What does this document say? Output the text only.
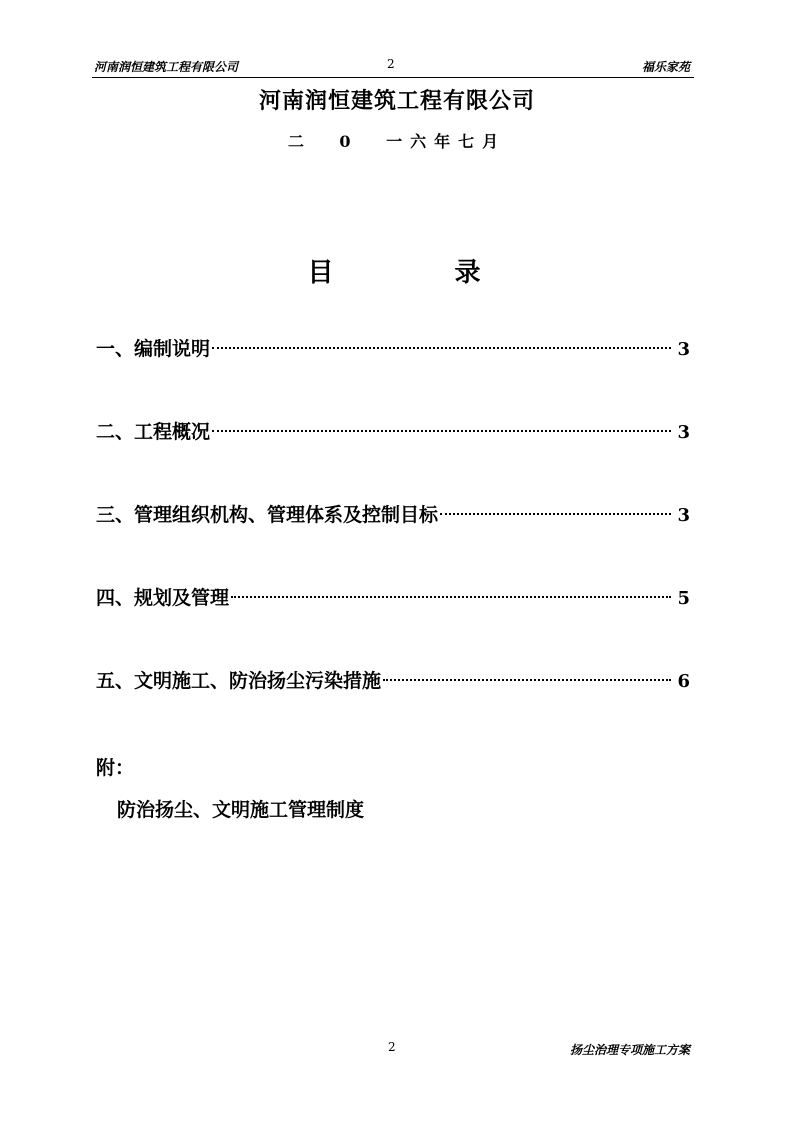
河南润恒建筑工程有限公司	2	福乐家苑
河南润恒建筑工程有限公司
二 0 一六年七月
目 录
一、编制说明	3
二、工程概况	3
三、管理组织机构、管理体系及控制目标	3
四、规划及管理	5
五、文明施工、防治扬尘污染措施	6
附：
防治扬尘、文明施工管理制度
2	扬尘治理专项施工方案
